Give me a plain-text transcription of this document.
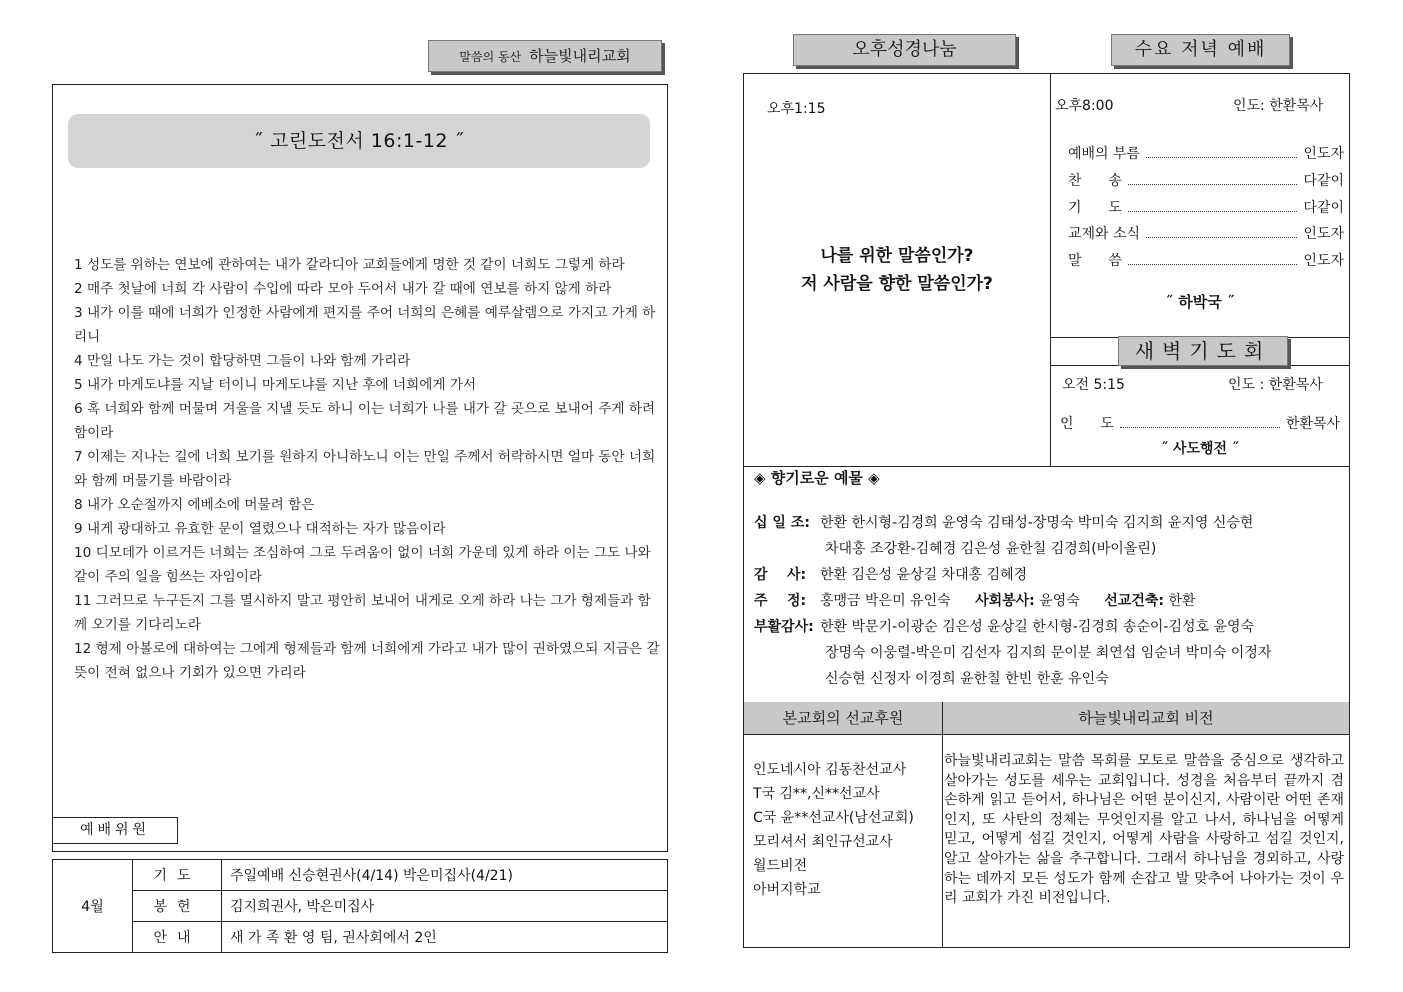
말씀의 동산 하늘빛내리교회
˝ 고린도전서 16:1-12 ˝
1 성도를 위하는 연보에 관하여는 내가 갈라디아 교회들에게 명한 것 같이 너희도 그렇게 하라
2 매주 첫날에 너희 각 사람이 수입에 따라 모아 두어서 내가 갈 때에 연보를 하지 않게 하라
3 내가 이를 때에 너희가 인정한 사람에게 편지를 주어 너희의 은혜를 예루살렘으로 가지고 가게 하리니
4 만일 나도 가는 것이 합당하면 그들이 나와 함께 가리라
5 내가 마게도냐를 지날 터이니 마게도냐를 지난 후에 너희에게 가서
6 혹 너희와 함께 머물며 겨울을 지낼 듯도 하니 이는 너희가 나를 내가 갈 곳으로 보내어 주게 하려 함이라
7 이제는 지나는 길에 너희 보기를 원하지 아니하노니 이는 만일 주께서 허락하시면 얼마 동안 너희와 함께 머물기를 바람이라
8 내가 오순절까지 에베소에 머물려 함은
9 내게 광대하고 유효한 문이 열렸으나 대적하는 자가 많음이라
10 디모데가 이르거든 너희는 조심하여 그로 두려움이 없이 너희 가운데 있게 하라 이는 그도 나와 같이 주의 일을 힘쓰는 자임이라
11 그러므로 누구든지 그를 멸시하지 말고 평안히 보내어 내게로 오게 하라 나는 그가 형제들과 함께 오기를 기다리노라
12 형제 아볼로에 대하여는 그에게 형제들과 함께 너희에게 가라고 내가 많이 권하였으되 지금은 갈 뜻이 전혀 없으나 기회가 있으면 가리라
예배위원
4월	기도	주일예배 신승현권사(4/14) 박은미집사(4/21)
	봉헌	김지희권사, 박은미집사
	안내	새 가 족 환 영 팀, 권사회에서 2인
오후성경나눔	수요 저녁 예배
오후1:15
나를 위한 말씀인가?
저 사람을 향한 말씀인가?
오후8:00	인도: 한환목사
예배의 부름	인도자
찬      송	다같이
기      도	다같이
교제와 소식	인도자
말      씀	인도자
˝ 하박국 ˝
새벽기도회
오전 5:15	인도 : 한환목사
인      도	한환목사
˝ 사도행전 ˝
◈ 향기로운 예물 ◈
십 일 조: 한환 한시형-김경희 윤영숙 김태성-장명숙 박미숙 김지희 윤지영 신승현
차대홍 조강환-김혜경 김은성 윤한칠 김경희(바이올린)
감    사: 한환 김은성 윤상길 차대홍 김혜경
주    정: 홍맹금 박은미 유인숙 사회봉사: 윤영숙 선교건축: 한환
부활감사: 한환 박문기-이광순 김은성 윤상길 한시형-김경희 송순이-김성호 윤영숙
장명숙 이웅렬-박은미 김선자 김지희 문이분 최연섭 임순녀 박미숙 이정자
신승현 신정자 이경희 윤한칠 한빈 한훈 유인숙
본교회의 선교후원	하늘빛내리교회 비전
인도네시아 김동찬선교사
T국 김**,신**선교사
C국 윤**선교사(남선교회)
모리셔서 최인규선교사
월드비전
아버지학교
하늘빛내리교회는 말씀 목회를 모토로 말씀을 중심으로 생각하고 살아가는 성도를 세우는 교회입니다. 성경을 처음부터 끝까지 겸손하게 읽고 듣어서, 하나님은 어떤 분이신지, 사람이란 어떤 존재인지, 또 사탄의 정체는 무엇인지를 알고 나서, 하나님을 어떻게 믿고, 어떻게 섬길 것인지, 어떻게 사람을 사랑하고 섬길 것인지, 알고 살아가는 삶을 추구합니다. 그래서 하나님을 경외하고, 사랑하는 데까지 모든 성도가 함께 손잡고 발 맞추어 나아가는 것이 우리 교회가 가진 비전입니다.
